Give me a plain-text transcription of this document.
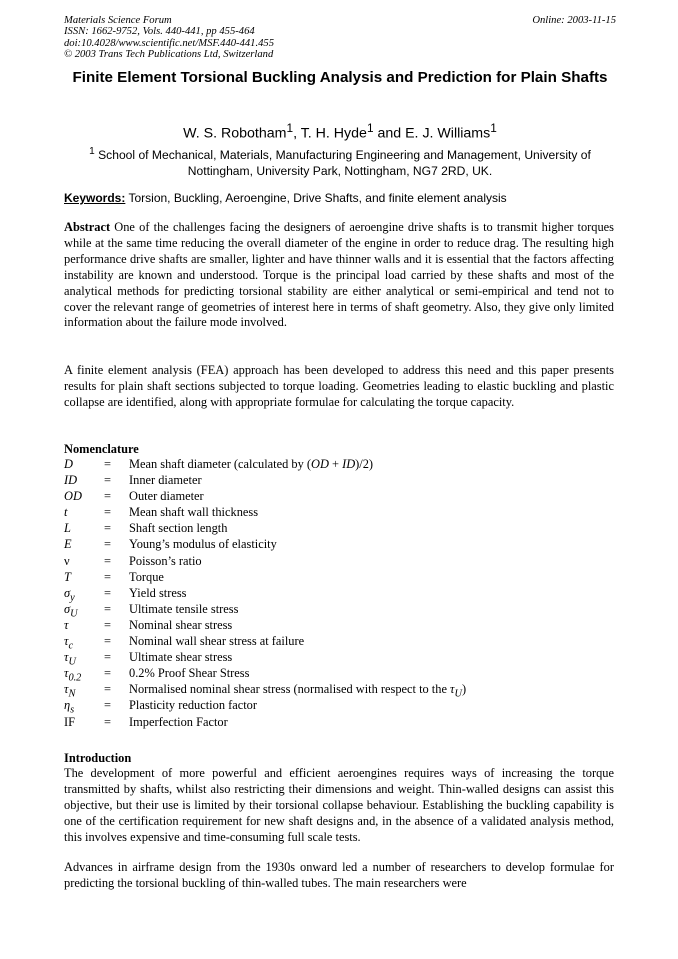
Materials Science Forum
ISSN: 1662-9752, Vols. 440-441, pp 455-464
doi:10.4028/www.scientific.net/MSF.440-441.455
© 2003 Trans Tech Publications Ltd, Switzerland
Online: 2003-11-15
Finite Element Torsional Buckling Analysis and Prediction for Plain Shafts
W. S. Robotham$^1$, T. H. Hyde$^1$ and E. J. Williams$^1$
$^1$ School of Mechanical, Materials, Manufacturing Engineering and Management, University of Nottingham, University Park, Nottingham, NG7 2RD, UK.
Keywords: Torsion, Buckling, Aeroengine, Drive Shafts, and finite element analysis
Abstract One of the challenges facing the designers of aeroengine drive shafts is to transmit higher torques while at the same time reducing the overall diameter of the engine in order to reduce drag. The resulting high performance drive shafts are smaller, lighter and have thinner walls and it is essential that the factors affecting instability are known and understood. Torque is the principal load carried by these shafts and most of the analytical methods for predicting torsional stability are either analytical or semi-empirical and tend not to cover the relevant range of geometries of interest here in terms of shaft geometry. Also, they give only limited information about the failure mode involved.
A finite element analysis (FEA) approach has been developed to address this need and this paper presents results for plain shaft sections subjected to torque loading. Geometries leading to elastic buckling and plastic collapse are identified, along with appropriate formulae for calculating the torque capacity.
Nomenclature
D	= Mean shaft diameter (calculated by (OD + ID)/2)
ID = Inner diameter
OD = Outer diameter
t	= Mean shaft wall thickness
L	= Shaft section length
E	= Young’s modulus of elasticity
ν	= Poisson’s ratio
T	= Torque
$\sigma_y$ = Yield stress
$\sigma_U$ = Ultimate tensile stress
τ	= Nominal shear stress
$\tau_c$ = Nominal wall shear stress at failure
$\tau_U$ = Ultimate shear stress
$\tau_{0.2} = 0.2\%$ Proof Shear Stress
$\tau_N$ = Normalised nominal shear stress (normalised with respect to the $\tau_U$)
$\eta_s$ = Plasticity reduction factor
IF = Imperfection Factor
Introduction
The development of more powerful and efficient aeroengines requires ways of increasing the torque transmitted by shafts, whilst also restricting their dimensions and weight. Thin-walled designs can assist this objective, but their use is limited by their torsional collapse behaviour. Establishing the buckling capability is one of the certification requirement for new shaft designs and, in the absence of a validated analysis method, this involves expensive and time-consuming full scale tests.
Advances in airframe design from the 1930s onward led a number of researchers to develop formulae for predicting the torsional buckling of thin-walled tubes. The main researchers were
